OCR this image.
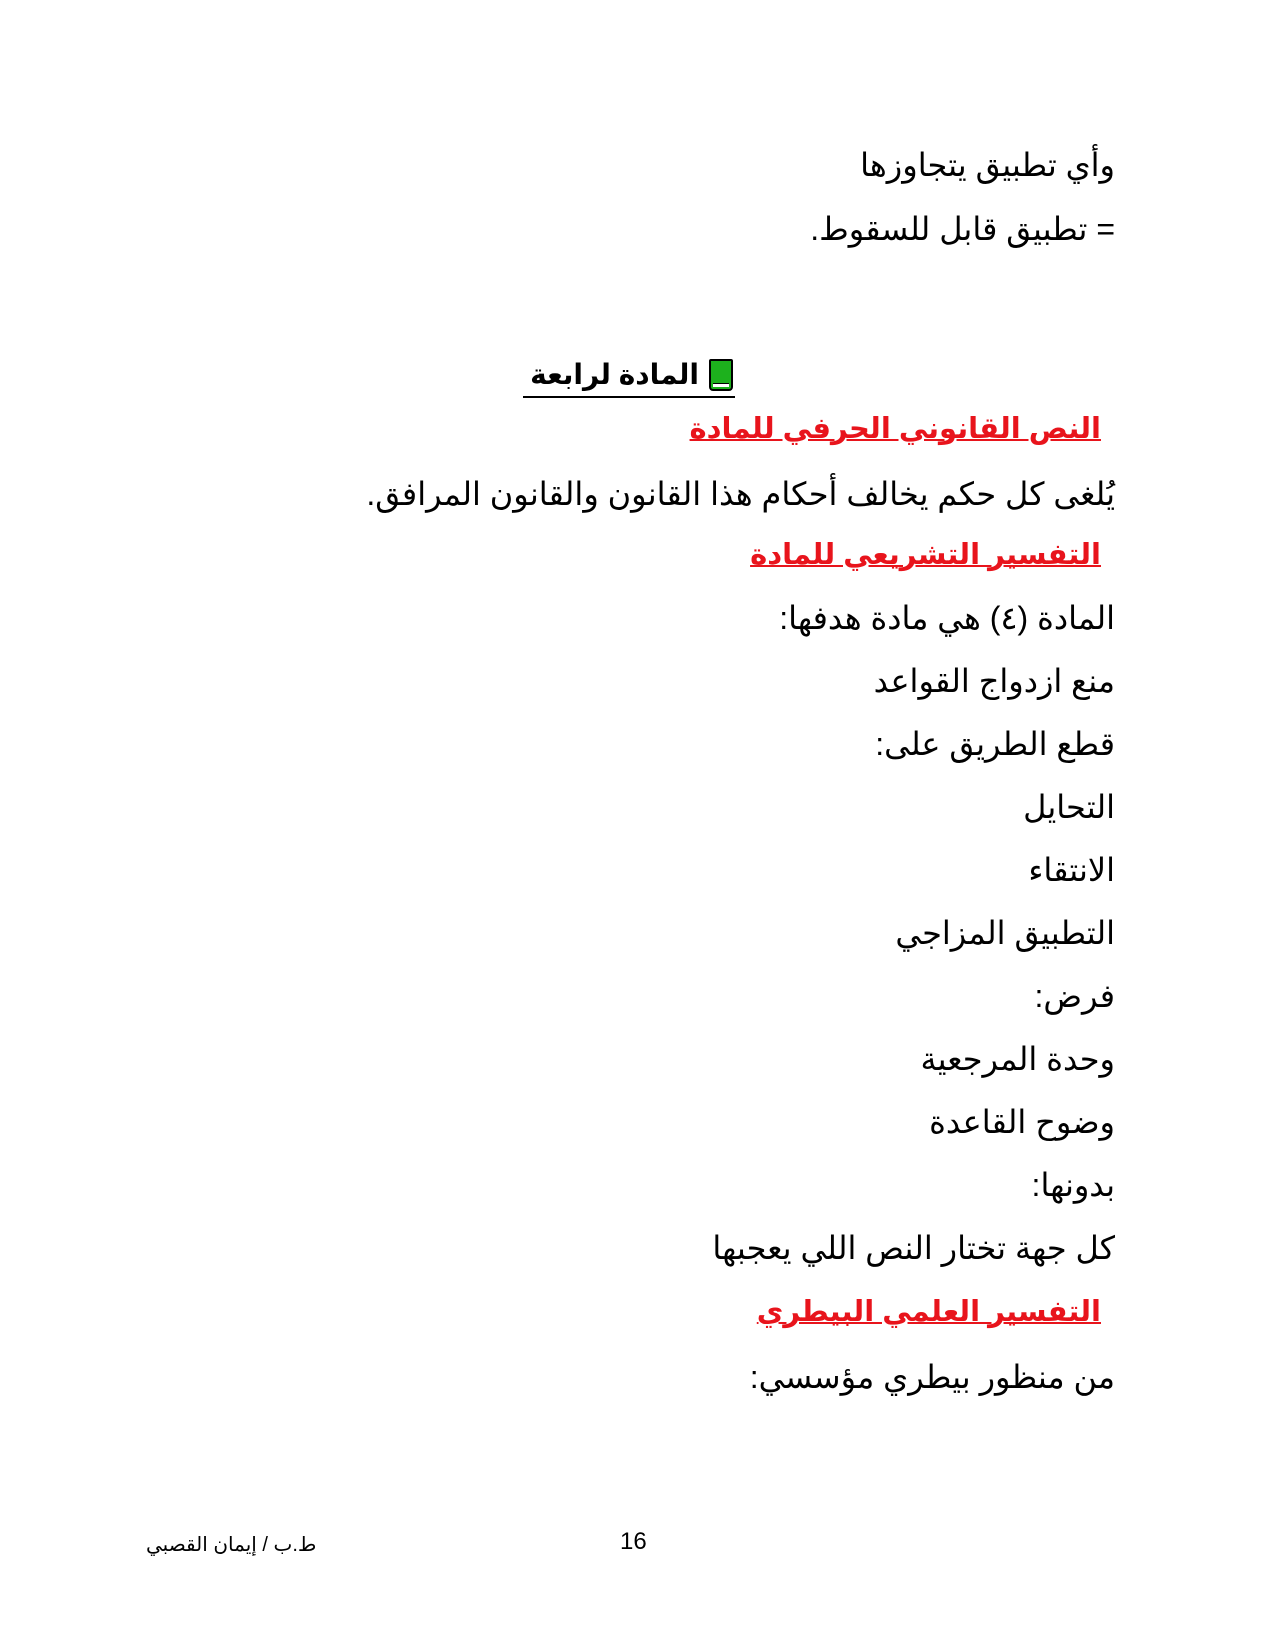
وأي تطبيق يتجاوزها
= تطبيق قابل للسقوط.
المادة لرابعة
النص القانوني الحرفي للمادة
يُلغى كل حكم يخالف أحكام هذا القانون والقانون المرافق.
التفسير التشريعي للمادة
المادة (٤) هي مادة هدفها:
منع ازدواج القواعد
قطع الطريق على:
التحايل
الانتقاء
التطبيق المزاجي
فرض:
وحدة المرجعية
وضوح القاعدة
بدونها:
كل جهة تختار النص اللي يعجبها
التفسير العلمي البيطري
من منظور بيطري مؤسسي:
ط.ب / إيمان القصبي	16
